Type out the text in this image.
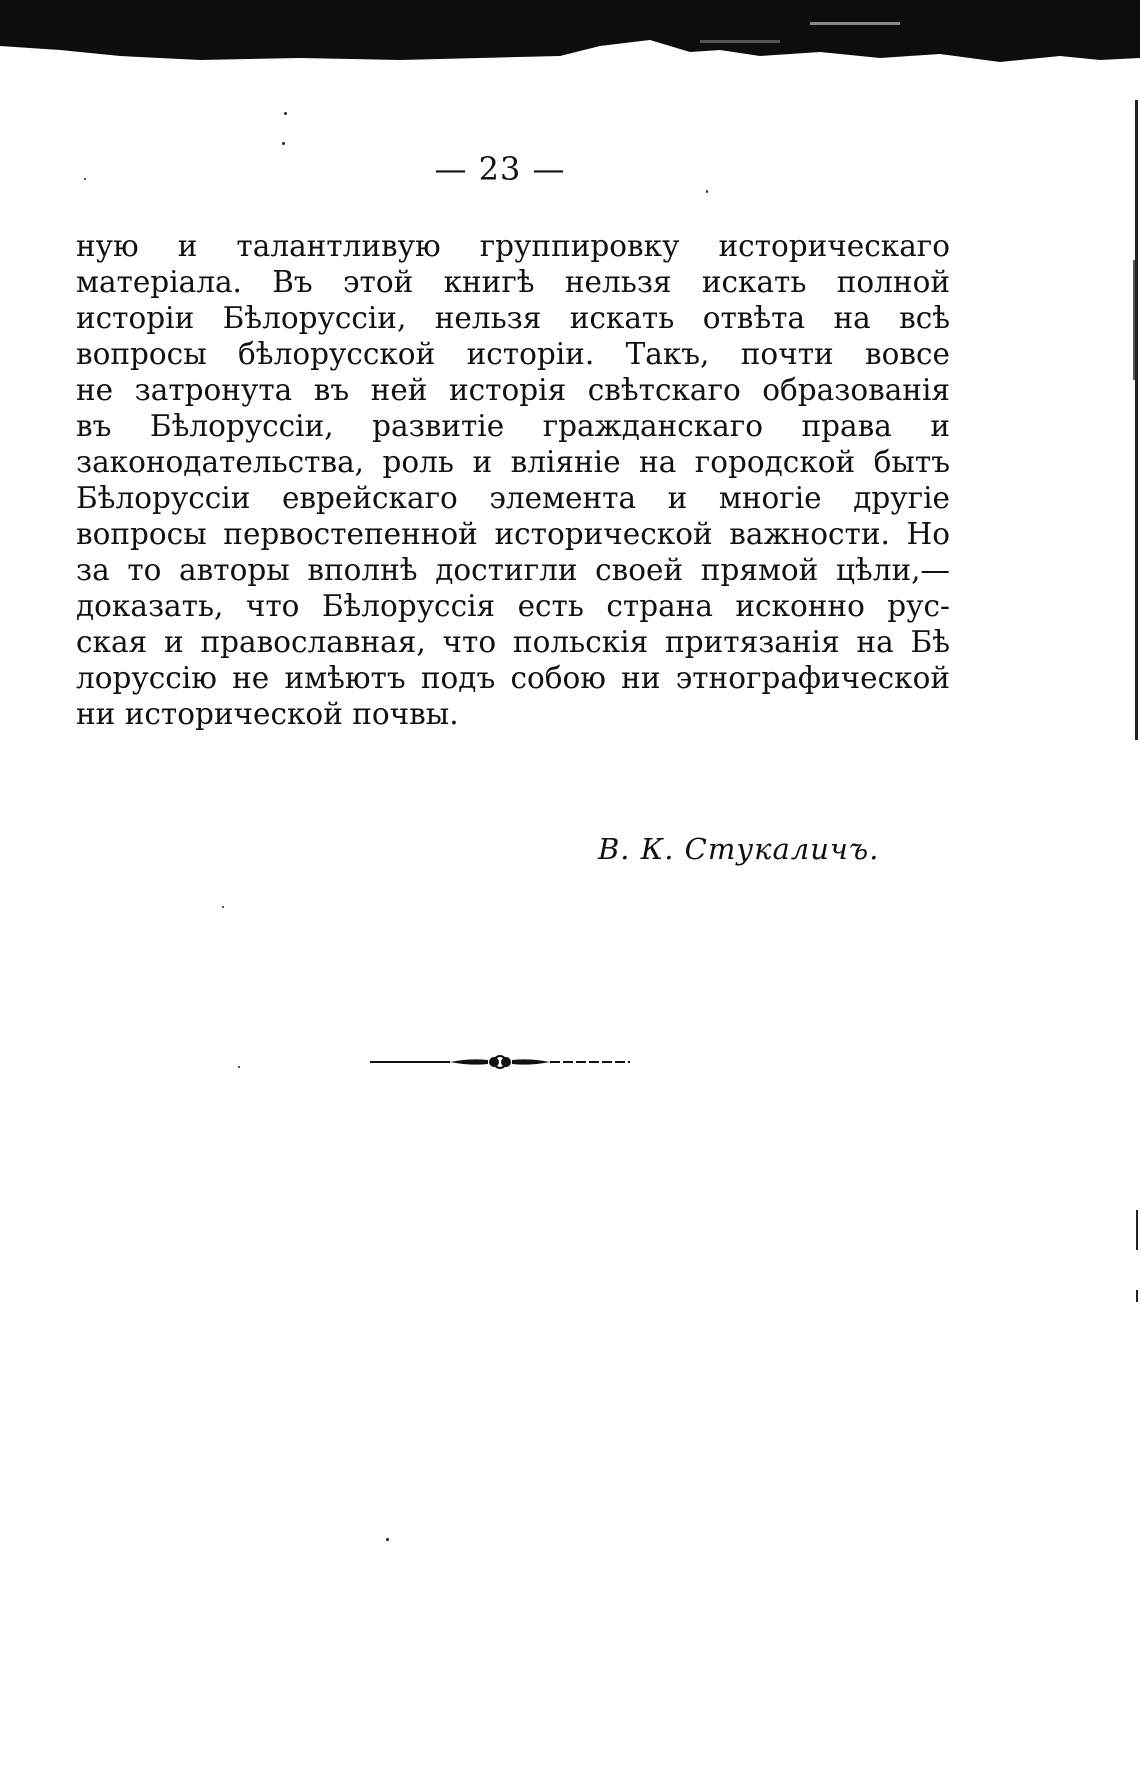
— 23 —
ную и талантливую группировку историческаго
матеріала. Въ этой книгѣ нельзя искать полной
исторіи Бѣлоруссіи, нельзя искать отвѣта на всѣ
вопросы бѣлорусской исторіи. Такъ, почти вовсе
не затронута въ ней исторія свѣтскаго образованія
въ Бѣлоруссіи, развитіе гражданскаго права и
законодательства, роль и вліяніе на городской бытъ
Бѣлоруссіи еврейскаго элемента и многіе другіе
вопросы первостепенной исторической важности. Но
за то авторы вполнѣ достигли своей прямой цѣли,—
доказать, что Бѣлоруссія есть страна исконно рус-
ская и православная, что польскія притязанія на Бѣ
лоруссію не имѣютъ подъ собою ни этнографической
ни исторической почвы.
В. К. Стукаличъ.
